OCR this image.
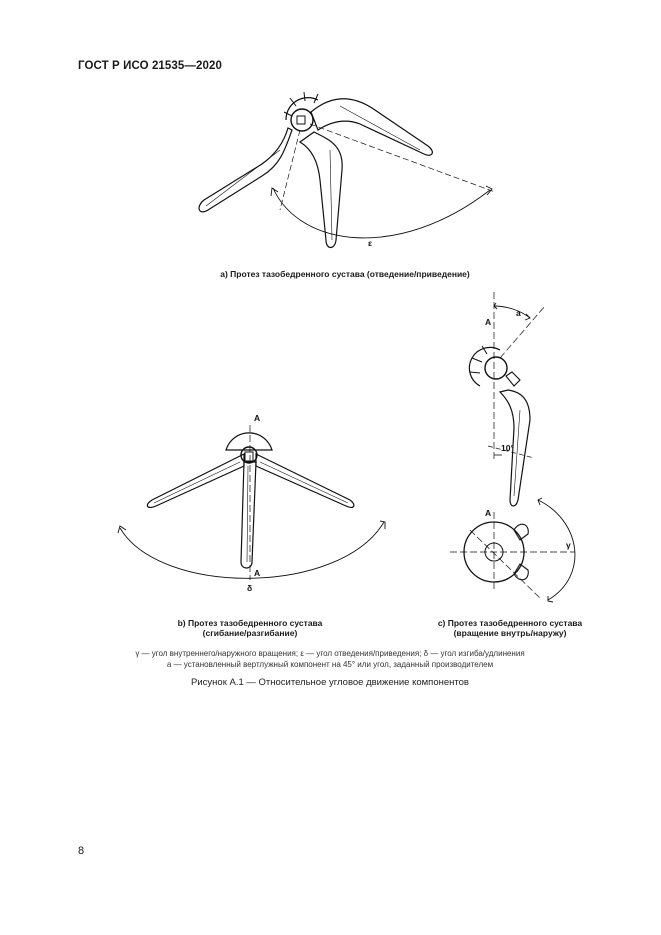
ГОСТ Р ИСО 21535—2020
ε
A
A
δ
A
a
10°
A
γ
a) Протез тазобедренного сустава (отведение/приведение)
b) Протез тазобедренного сустава
(сгибание/разгибание)
c) Протез тазобедренного сустава
(вращение внутрь/наружу)
γ — угол внутреннего/наружного вращения; ε — угол отведения/приведения; δ — угол изгиба/удлинения
a — установленный вертлужный компонент на 45° или угол, заданный производителем
Рисунок А.1 — Относительное угловое движение компонентов
8
